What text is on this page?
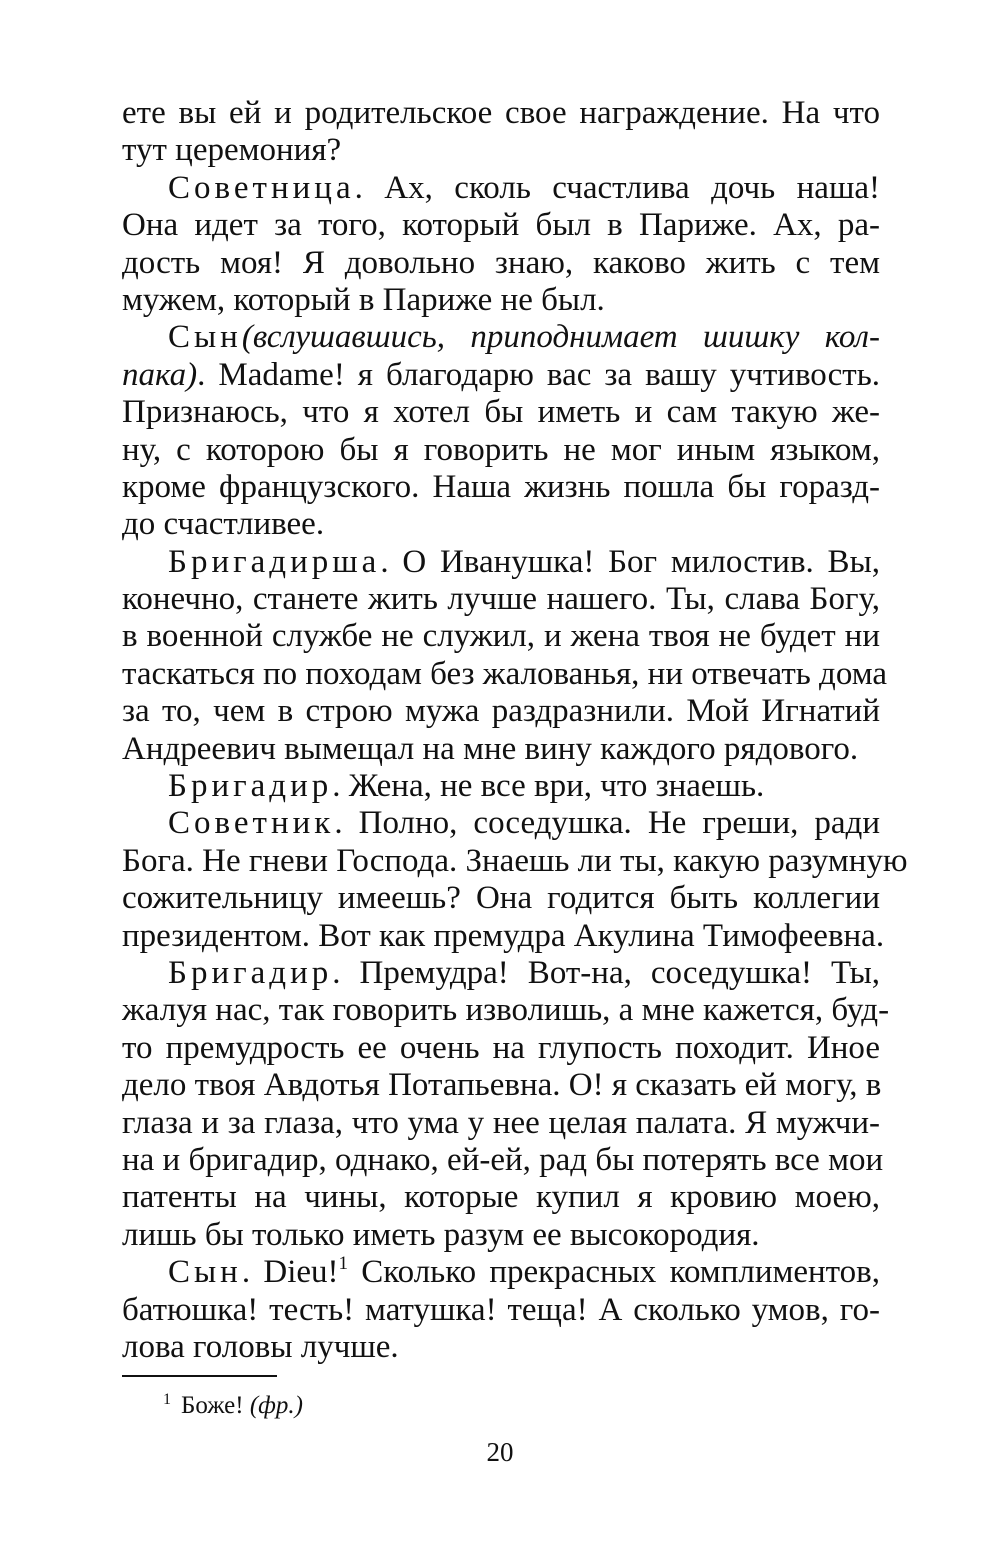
ете вы ей и родительское свое награждение. На что
тут церемония?
Советница. Ах, сколь счастлива дочь наша!
Она идет за того, который был в Париже. Ах, ра-
дость моя! Я довольно знаю, каково жить с тем
мужем, который в Париже не был.
Сын(вслушавшись, приподнимает шишку кол-
пака). Madame! я благодарю вас за вашу учтивость.
Признаюсь, что я хотел бы иметь и сам такую же-
ну, с которою бы я говорить не мог иным языком,
кроме французского. Наша жизнь пошла бы горазд-
до счастливее.
Бригадирша. О Иванушка! Бог милостив. Вы,
конечно, станете жить лучше нашего. Ты, слава Богу,
в военной службе не служил, и жена твоя не будет ни
таскаться по походам без жалованья, ни отвечать дома
за то, чем в строю мужа раздразнили. Мой Игнатий
Андреевич вымещал на мне вину каждого рядового.
Бригадир. Жена, не все ври, что знаешь.
Советник. Полно, соседушка. Не греши, ради
Бога. Не гневи Господа. Знаешь ли ты, какую разумную
сожительницу имеешь? Она годится быть коллегии
президентом. Вот как премудра Акулина Тимофеевна.
Бригадир. Премудра! Вот-на, соседушка! Ты,
жалуя нас, так говорить изволишь, а мне кажется, буд-
то премудрость ее очень на глупость походит. Иное
дело твоя Авдотья Потапьевна. О! я сказать ей могу, в
глаза и за глаза, что ума у нее целая палата. Я мужчи-
на и бригадир, однако, ей-ей, рад бы потерять все мои
патенты на чины, которые купил я кровию моею,
лишь бы только иметь разум ее высокородия.
Сын. Dieu!$^1$ Сколько прекрасных комплиментов,
батюшка! тесть! матушка! теща! А сколько умов, го-
лова головы лучше.
$^1$ Боже! (фр.)
20
